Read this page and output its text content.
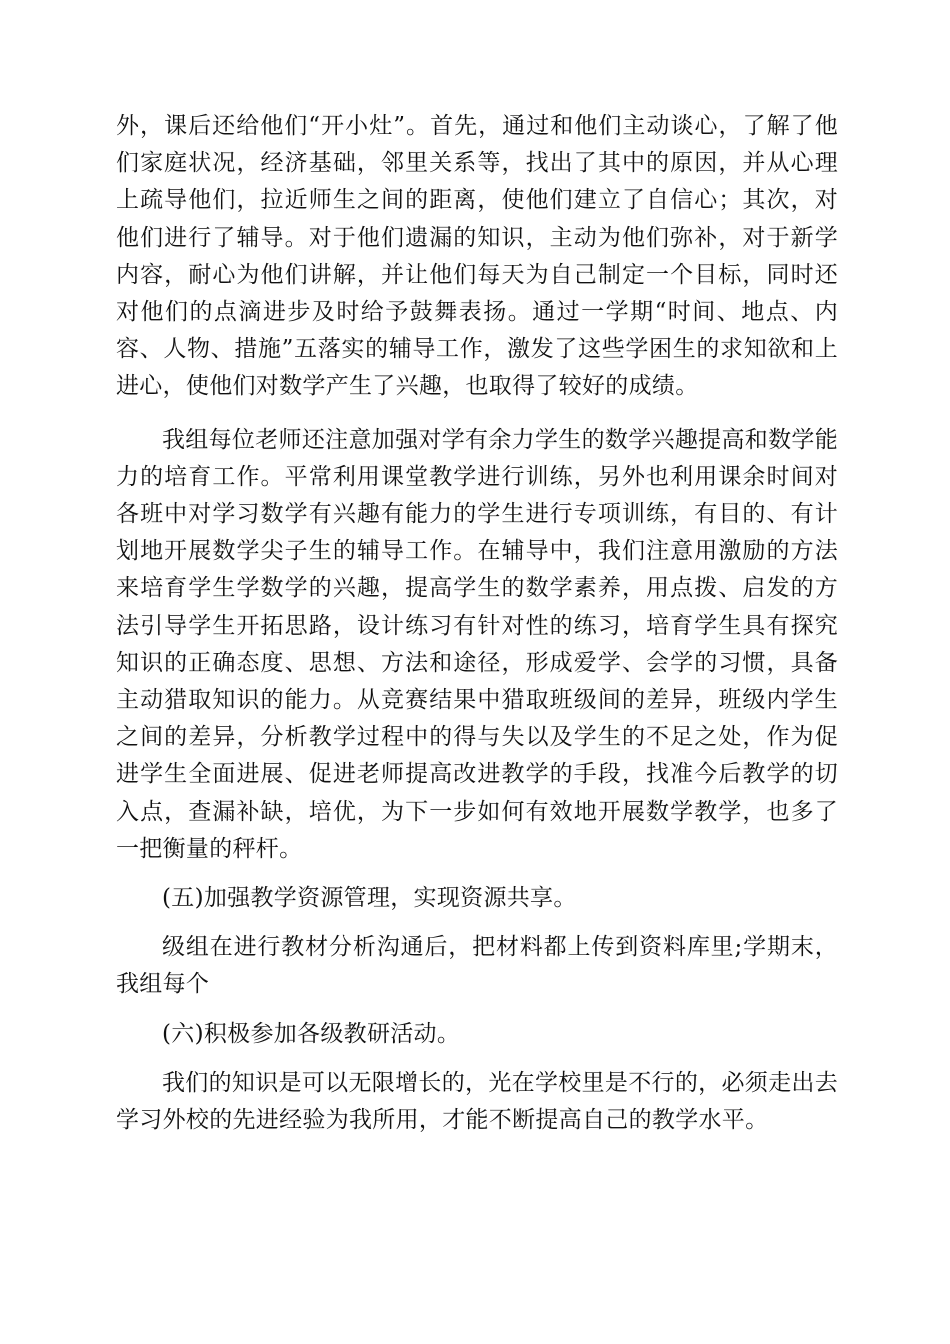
外，课后还给他们“开小灶”。首先，通过和他们主动谈心，了解了他们家庭状况，经济基础，邻里关系等，找出了其中的原因，并从心理上疏导他们，拉近师生之间的距离，使他们建立了自信心；其次，对他们进行了辅导。对于他们遗漏的知识，主动为他们弥补，对于新学内容，耐心为他们讲解，并让他们每天为自己制定一个目标，同时还对他们的点滴进步及时给予鼓舞表扬。通过一学期“时间、地点、内容、人物、措施”五落实的辅导工作，激发了这些学困生的求知欲和上进心，使他们对数学产生了兴趣，也取得了较好的成绩。

我组每位老师还注意加强对学有余力学生的数学兴趣提高和数学能力的培育工作。平常利用课堂教学进行训练，另外也利用课余时间对各班中对学习数学有兴趣有能力的学生进行专项训练，有目的、有计划地开展数学尖子生的辅导工作。在辅导中，我们注意用激励的方法来培育学生学数学的兴趣，提高学生的数学素养，用点拨、启发的方法引导学生开拓思路，设计练习有针对性的练习，培育学生具有探究知识的正确态度、思想、方法和途径，形成爱学、会学的习惯，具备主动猎取知识的能力。从竞赛结果中猎取班级间的差异，班级内学生之间的差异，分析教学过程中的得与失以及学生的不足之处，作为促进学生全面进展、促进老师提高改进教学的手段，找准今后教学的切入点，查漏补缺，培优，为下一步如何有效地开展数学教学，也多了一把衡量的秤杆。

(五)加强教学资源管理，实现资源共享。

级组在进行教材分析沟通后，把材料都上传到资料库里;学期末，我组每个

(六)积极参加各级教研活动。

我们的知识是可以无限增长的，光在学校里是不行的，必须走出去学习外校的先进经验为我所用，才能不断提高自己的教学水平。
